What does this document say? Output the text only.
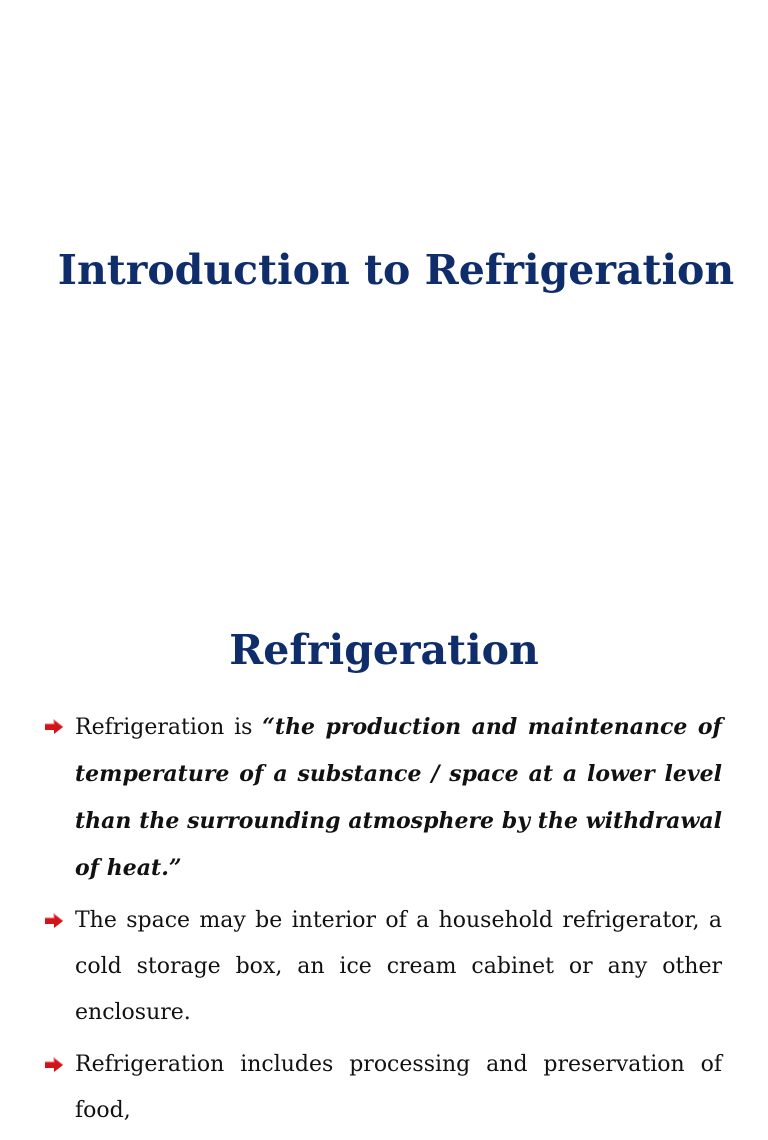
Introduction to Refrigeration
Refrigeration
Refrigeration is “the production and maintenance of temperature of a substance / space at a lower level than the surrounding atmosphere by the withdrawal of heat.”
The space may be interior of a household refrigerator, a cold storage box, an ice cream cabinet or any other enclosure.
Refrigeration includes processing and preservation of food,
